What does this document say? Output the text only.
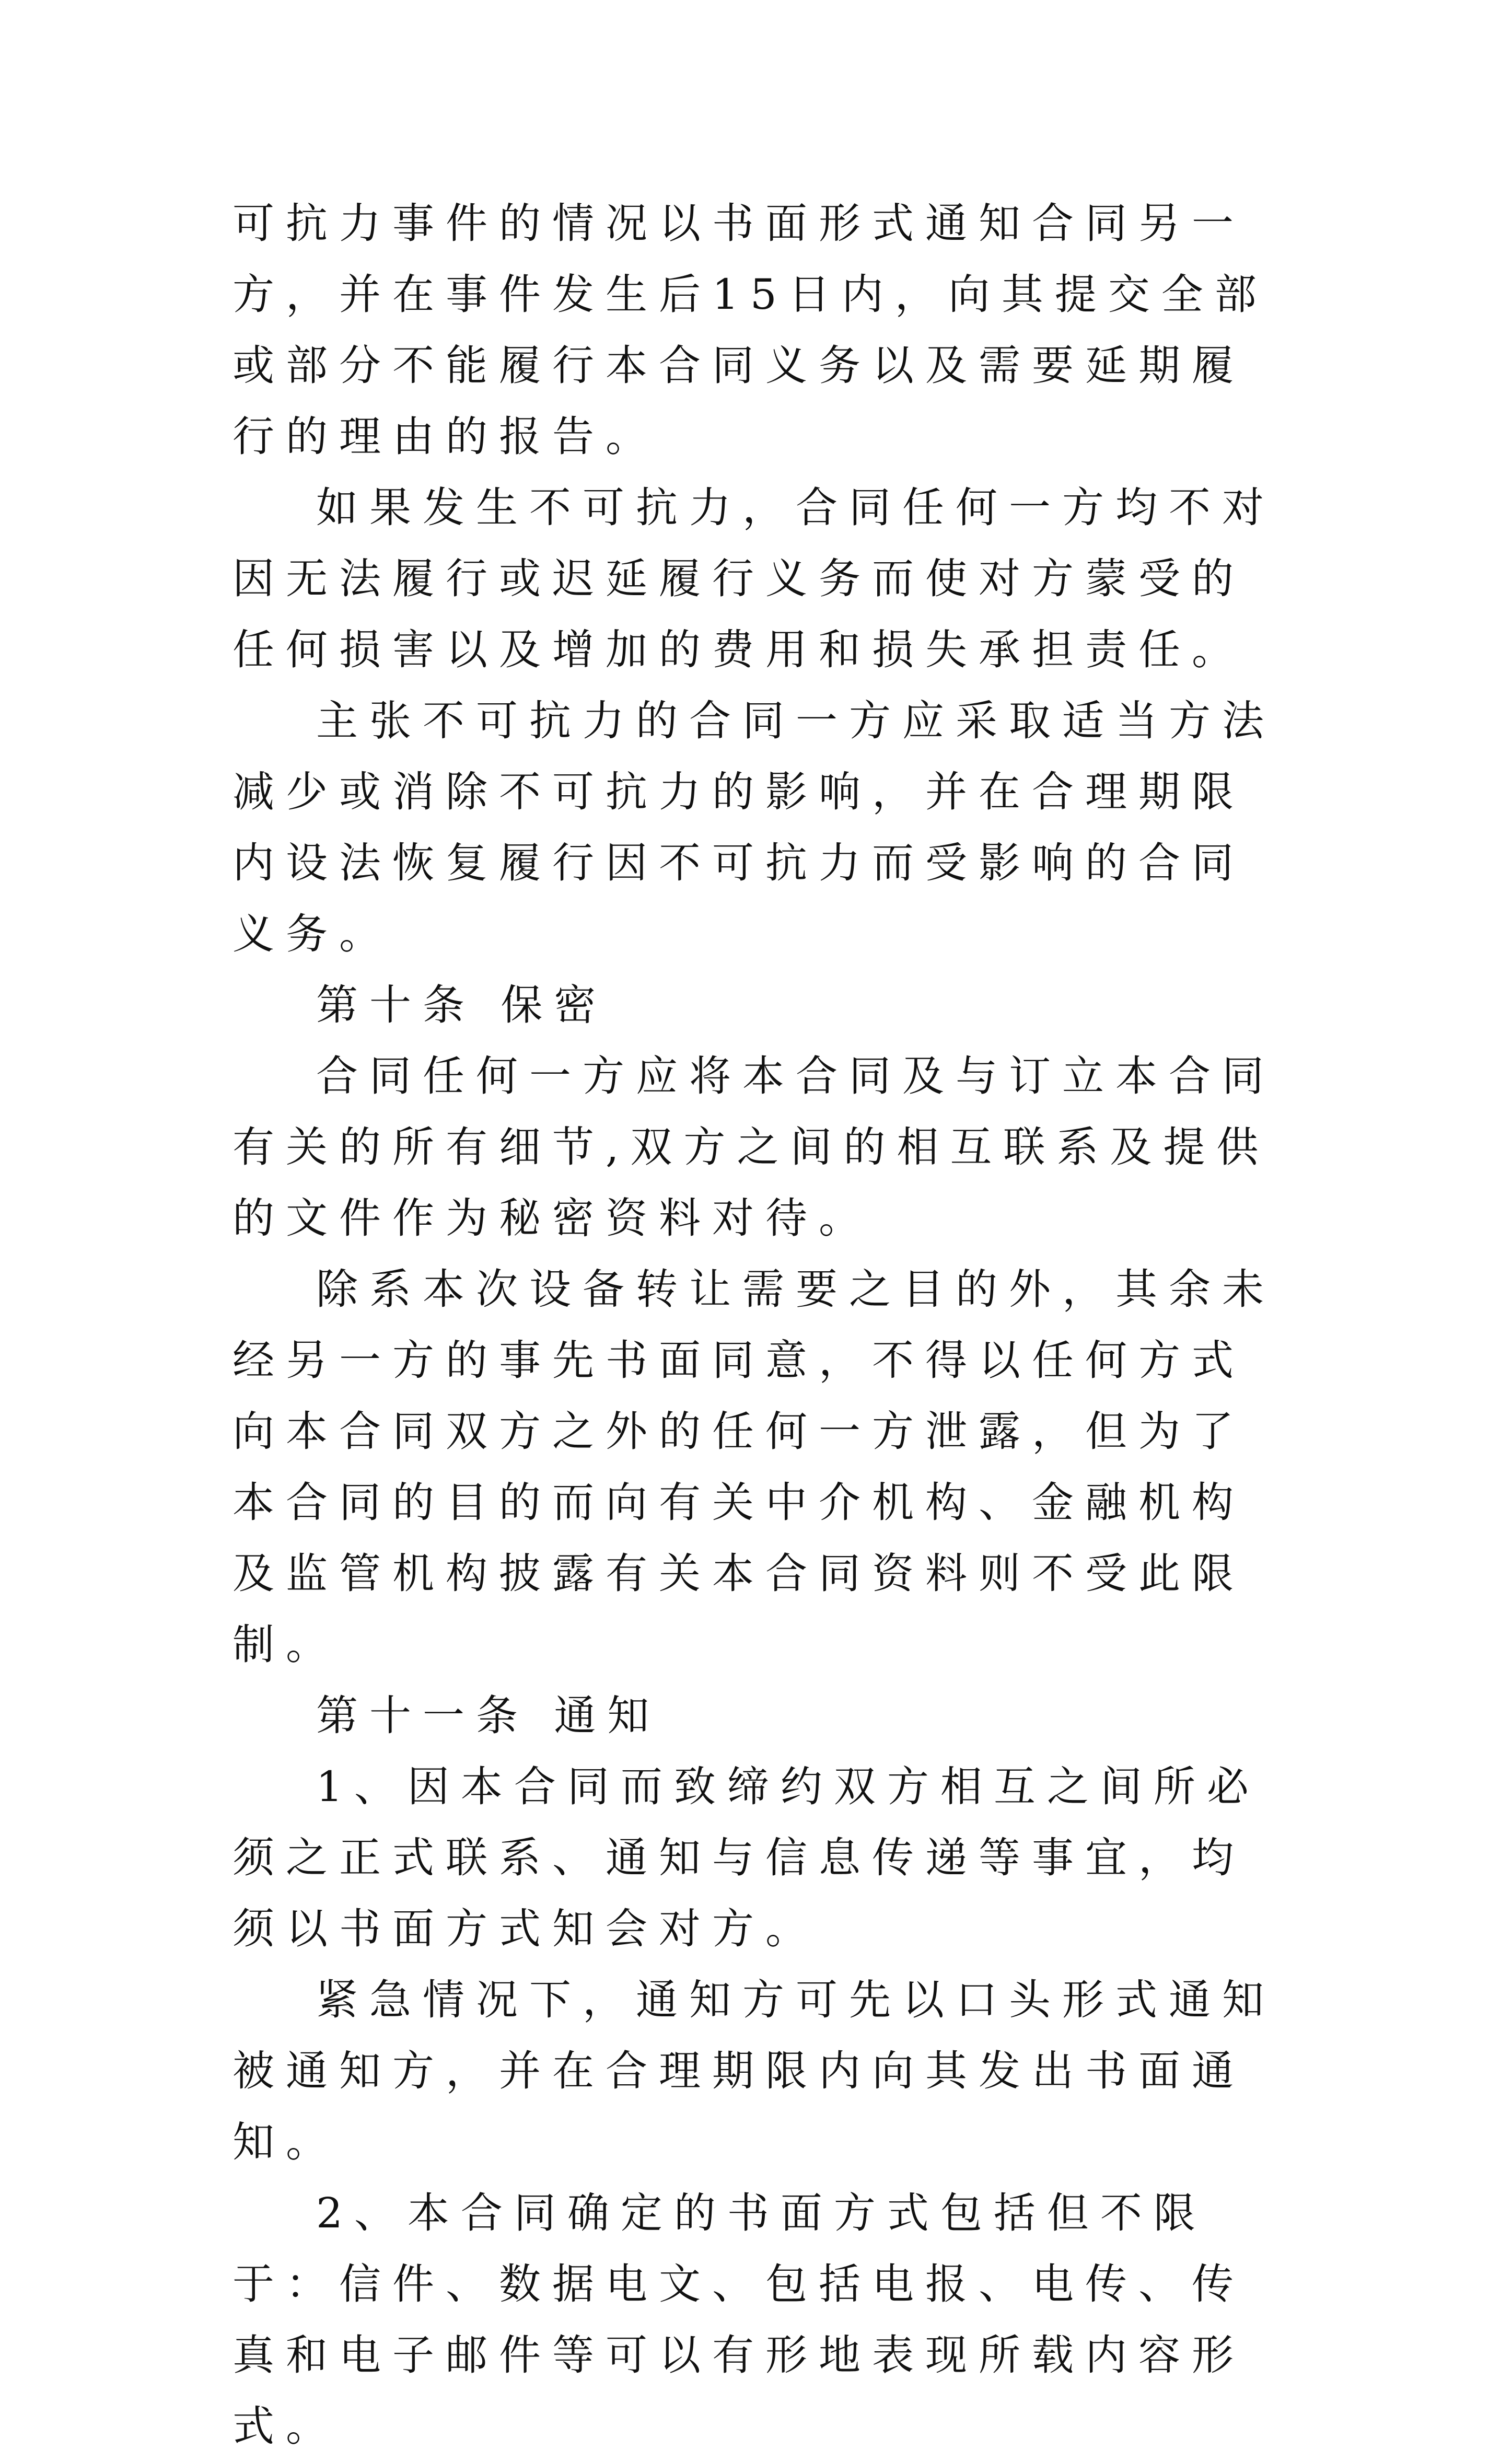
可抗力事件的情况以书面形式通知合同另一方，并在事件发生后15日内，向其提交全部或部分不能履行本合同义务以及需要延期履行的理由的报告。

如果发生不可抗力，合同任何一方均不对因无法履行或迟延履行义务而使对方蒙受的任何损害以及增加的费用和损失承担责任。

主张不可抗力的合同一方应采取适当方法减少或消除不可抗力的影响，并在合理期限内设法恢复履行因不可抗力而受影响的合同义务。

第十条 保密

合同任何一方应将本合同及与订立本合同有关的所有细节,双方之间的相互联系及提供的文件作为秘密资料对待。

除系本次设备转让需要之目的外，其余未经另一方的事先书面同意，不得以任何方式向本合同双方之外的任何一方泄露，但为了本合同的目的而向有关中介机构、金融机构及监管机构披露有关本合同资料则不受此限制。

第十一条 通知

1、因本合同而致缔约双方相互之间所必须之正式联系、通知与信息传递等事宜，均须以书面方式知会对方。

紧急情况下，通知方可先以口头形式通知被通知方，并在合理期限内向其发出书面通知。

2、本合同确定的书面方式包括但不限于：信件、数据电文、包括电报、电传、传真和电子邮件等可以有形地表现所载内容形式。
